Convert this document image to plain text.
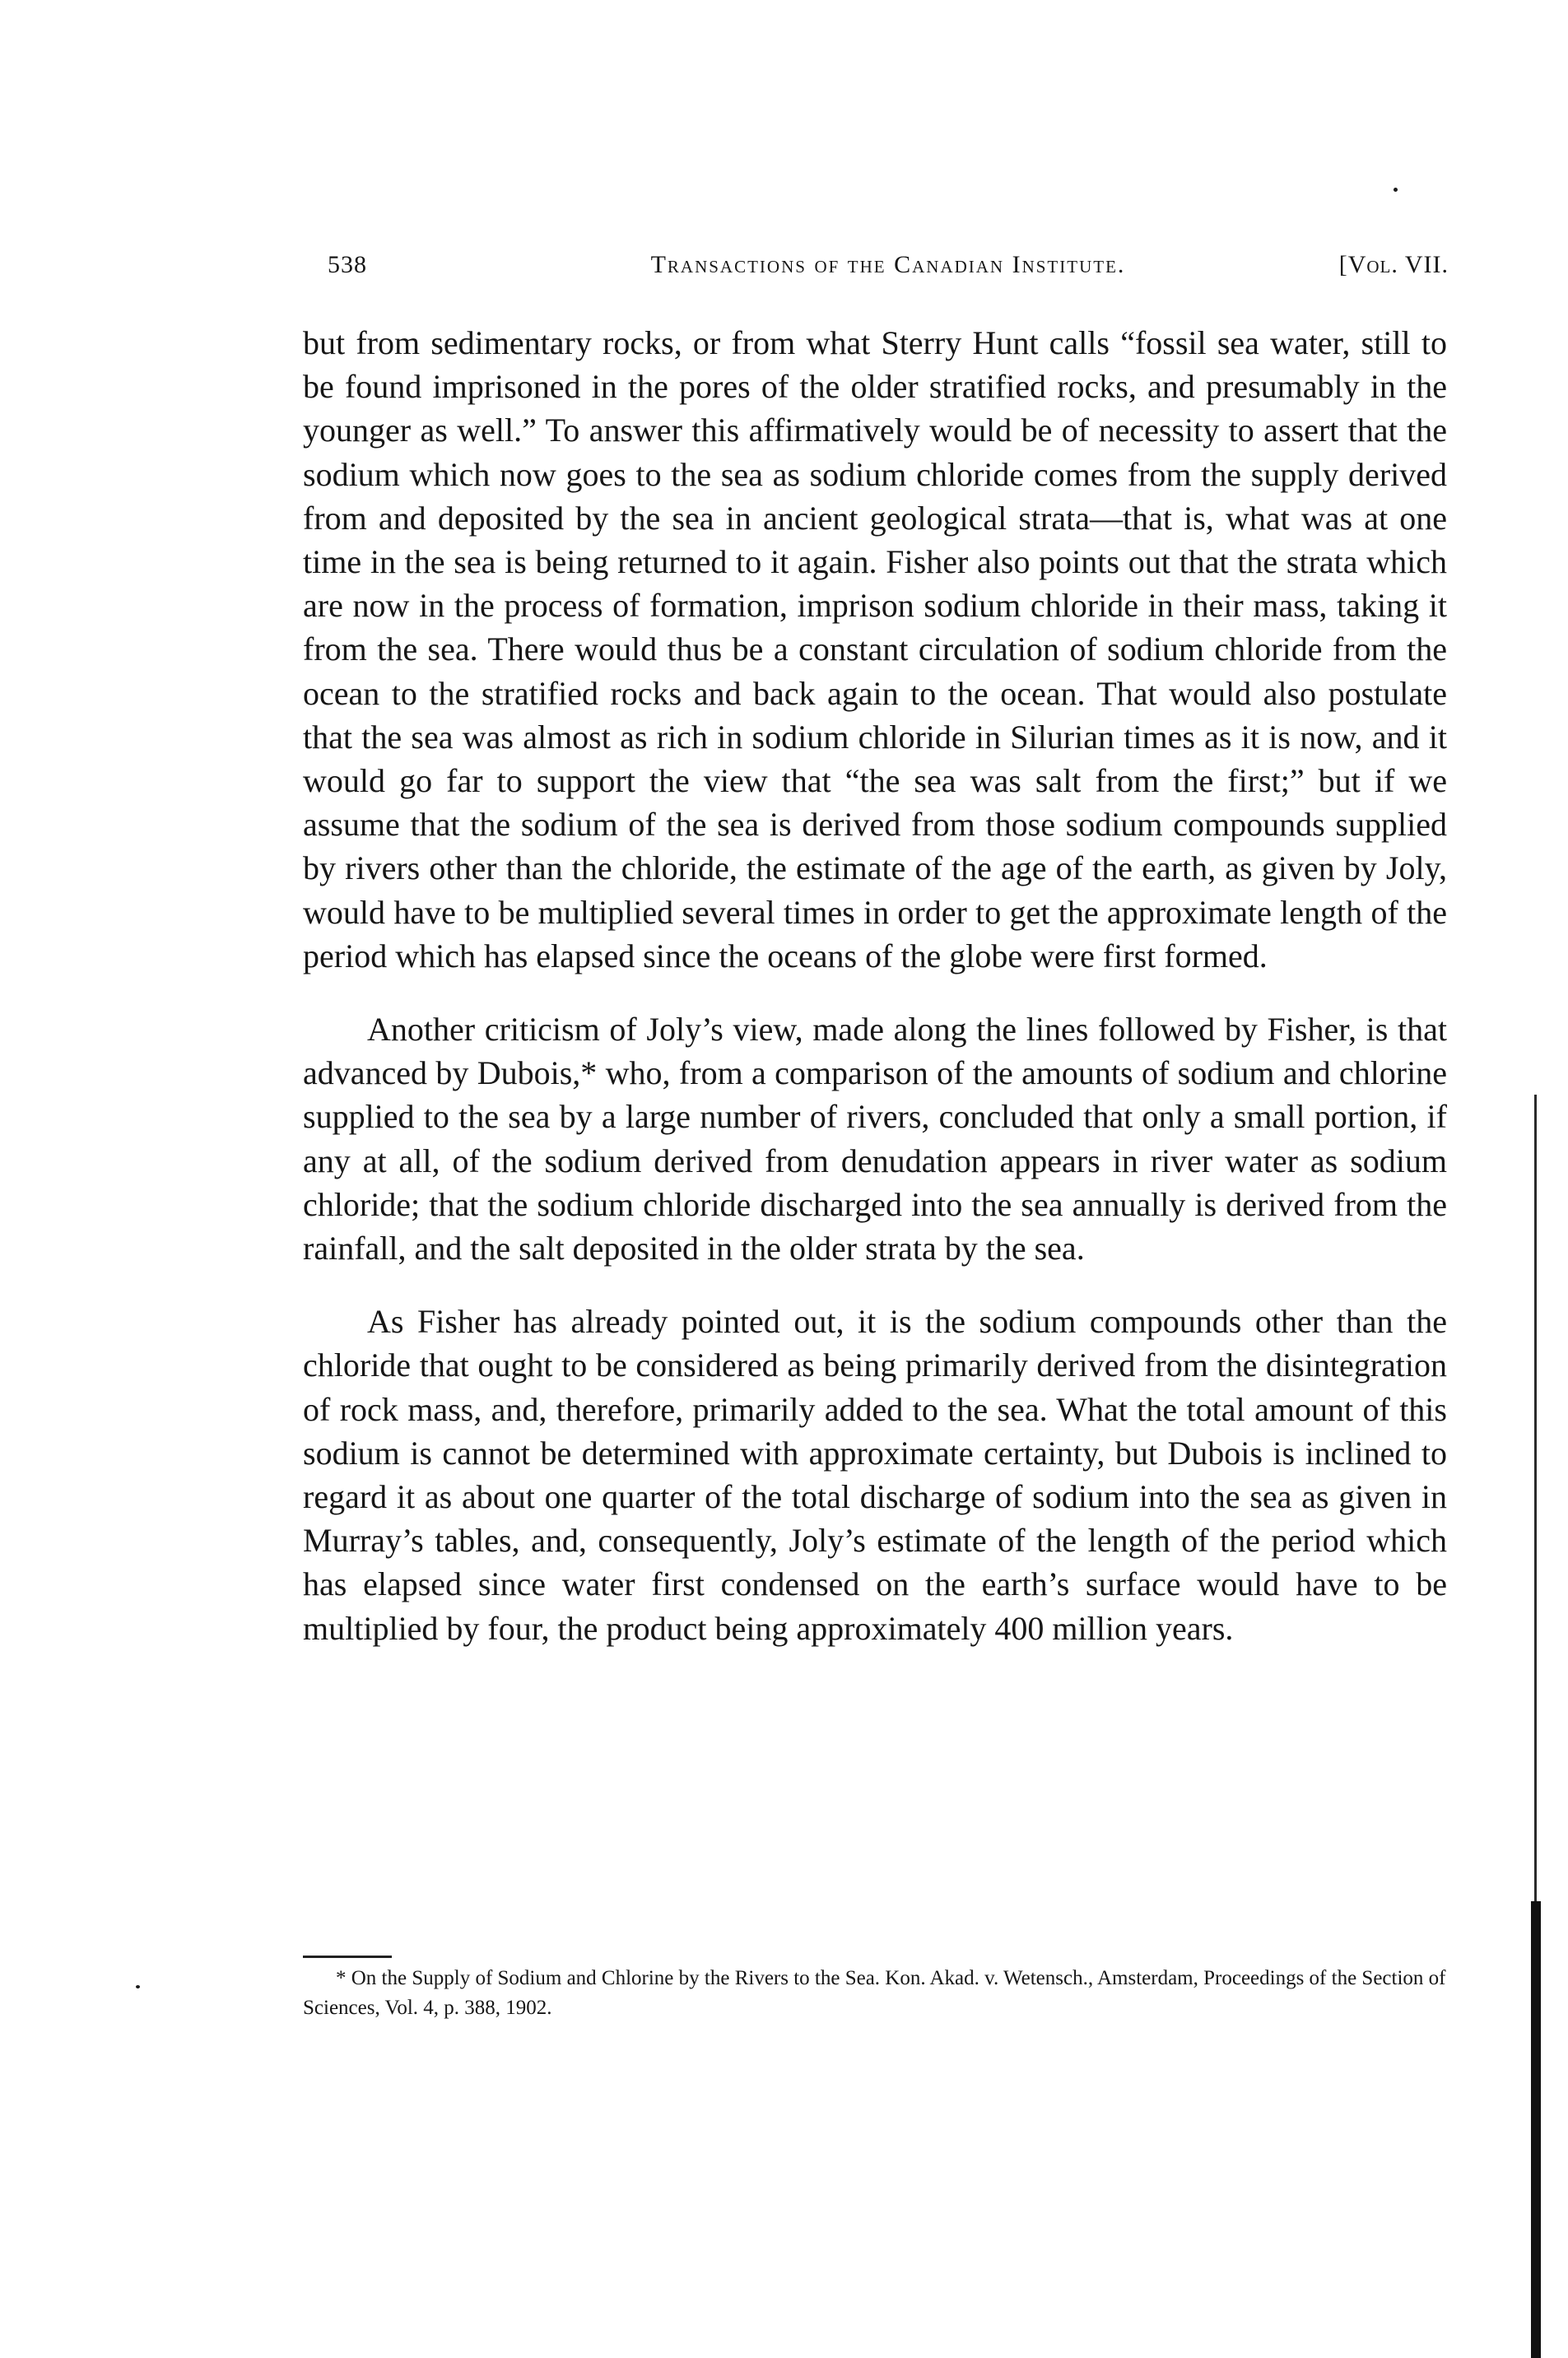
538	Transactions of the Canadian Institute.	[Vol. VII.

but from sedimentary rocks, or from what Sterry Hunt calls “fossil sea water, still to be found imprisoned in the pores of the older stratified rocks, and presumably in the younger as well.” To answer this affirmatively would be of necessity to assert that the sodium which now goes to the sea as sodium chloride comes from the supply derived from and deposited by the sea in ancient geological strata—that is, what was at one time in the sea is being returned to it again. Fisher also points out that the strata which are now in the process of formation, imprison sodium chloride in their mass, taking it from the sea. There would thus be a constant circulation of sodium chloride from the ocean to the stratified rocks and back again to the ocean. That would also postulate that the sea was almost as rich in sodium chloride in Silurian times as it is now, and it would go far to support the view that “the sea was salt from the first;” but if we assume that the sodium of the sea is derived from those sodium compounds supplied by rivers other than the chloride, the estimate of the age of the earth, as given by Joly, would have to be multiplied several times in order to get the approximate length of the period which has elapsed since the oceans of the globe were first formed.

Another criticism of Joly’s view, made along the lines followed by Fisher, is that advanced by Dubois,* who, from a comparison of the amounts of sodium and chlorine supplied to the sea by a large number of rivers, concluded that only a small portion, if any at all, of the sodium derived from denudation appears in river water as sodium chloride; that the sodium chloride discharged into the sea annually is derived from the rainfall, and the salt deposited in the older strata by the sea.

As Fisher has already pointed out, it is the sodium compounds other than the chloride that ought to be considered as being primarily derived from the disintegration of rock mass, and, therefore, primarily added to the sea. What the total amount of this sodium is cannot be determined with approximate certainty, but Dubois is inclined to regard it as about one quarter of the total discharge of sodium into the sea as given in Murray’s tables, and, consequently, Joly’s estimate of the length of the period which has elapsed since water first condensed on the earth’s surface would have to be multiplied by four, the product being approximately 400 million years.

* On the Supply of Sodium and Chlorine by the Rivers to the Sea. Kon. Akad. v. Wetensch., Amsterdam, Proceedings of the Section of Sciences, Vol. 4, p. 388, 1902.
